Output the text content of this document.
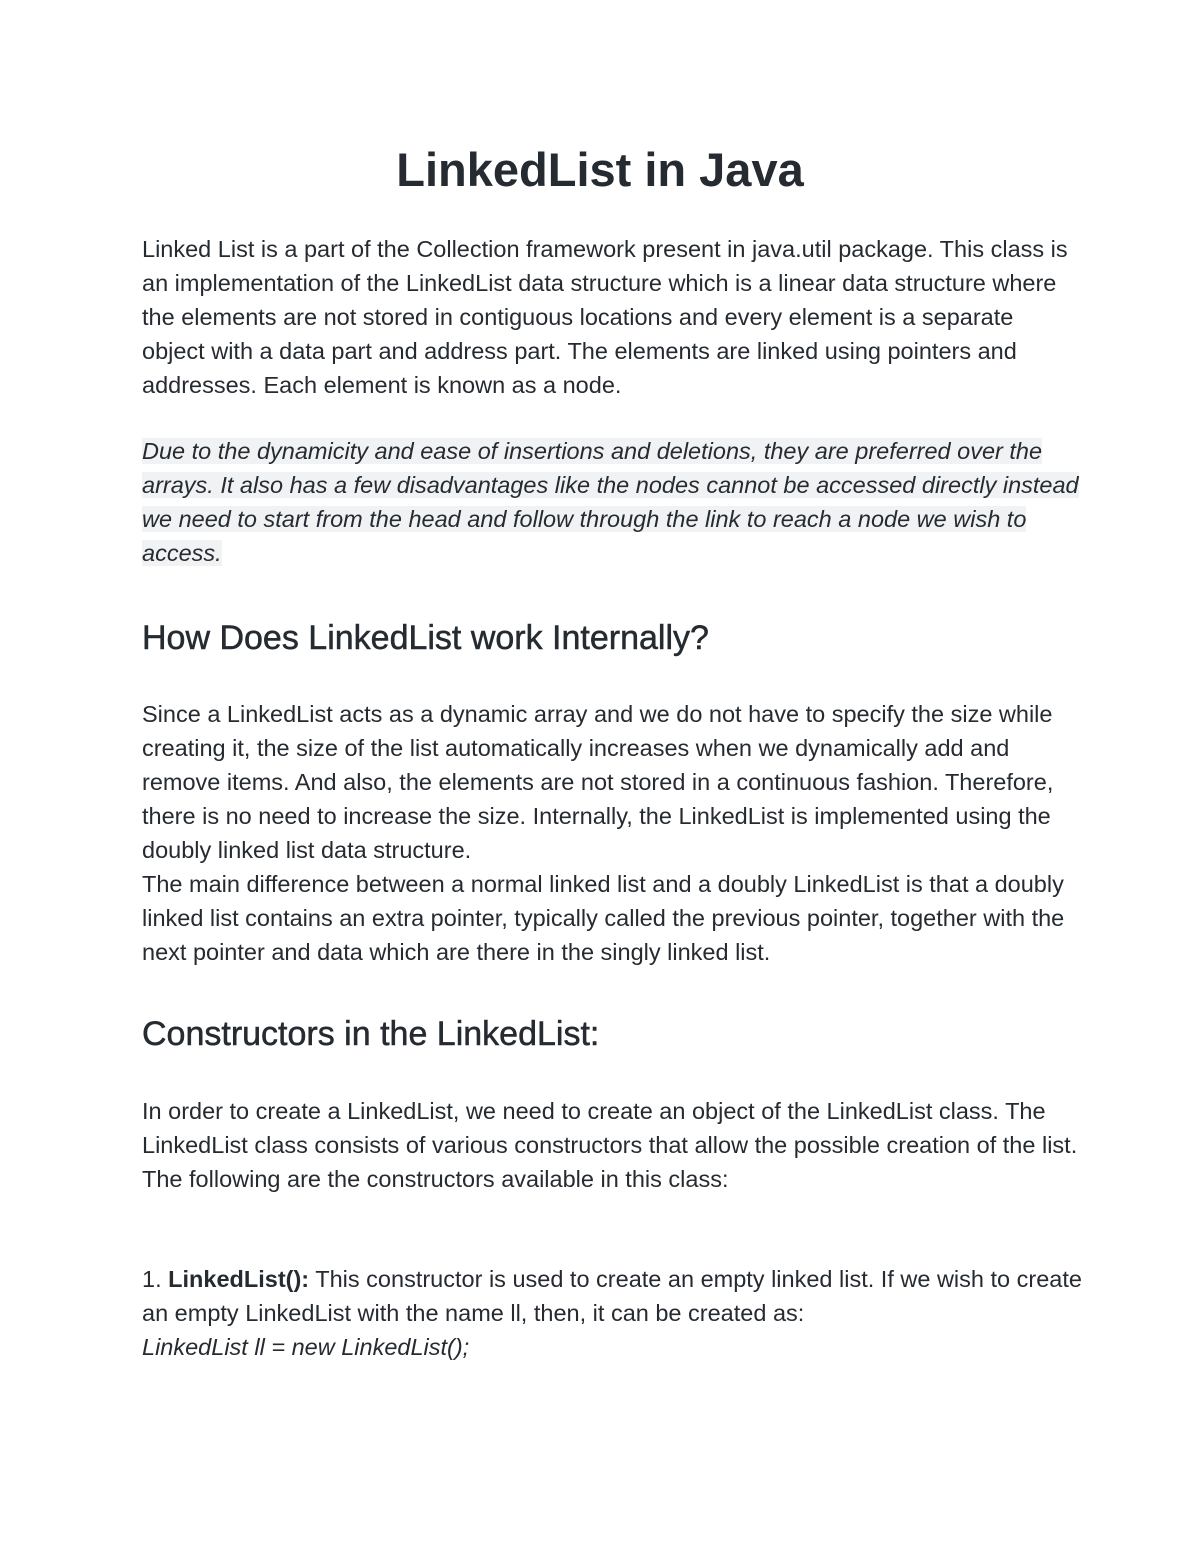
LinkedList in Java

Linked List is a part of the Collection framework present in java.util package. This class is an implementation of the LinkedList data structure which is a linear data structure where the elements are not stored in contiguous locations and every element is a separate object with a data part and address part. The elements are linked using pointers and addresses. Each element is known as a node.

Due to the dynamicity and ease of insertions and deletions, they are preferred over the arrays. It also has a few disadvantages like the nodes cannot be accessed directly instead we need to start from the head and follow through the link to reach a node we wish to access.

How Does LinkedList work Internally?

Since a LinkedList acts as a dynamic array and we do not have to specify the size while creating it, the size of the list automatically increases when we dynamically add and remove items. And also, the elements are not stored in a continuous fashion. Therefore, there is no need to increase the size. Internally, the LinkedList is implemented using the doubly linked list data structure.

The main difference between a normal linked list and a doubly LinkedList is that a doubly linked list contains an extra pointer, typically called the previous pointer, together with the next pointer and data which are there in the singly linked list.

Constructors in the LinkedList:

In order to create a LinkedList, we need to create an object of the LinkedList class. The LinkedList class consists of various constructors that allow the possible creation of the list. The following are the constructors available in this class:

1. LinkedList(): This constructor is used to create an empty linked list. If we wish to create an empty LinkedList with the name ll, then, it can be created as:
LinkedList ll = new LinkedList();
